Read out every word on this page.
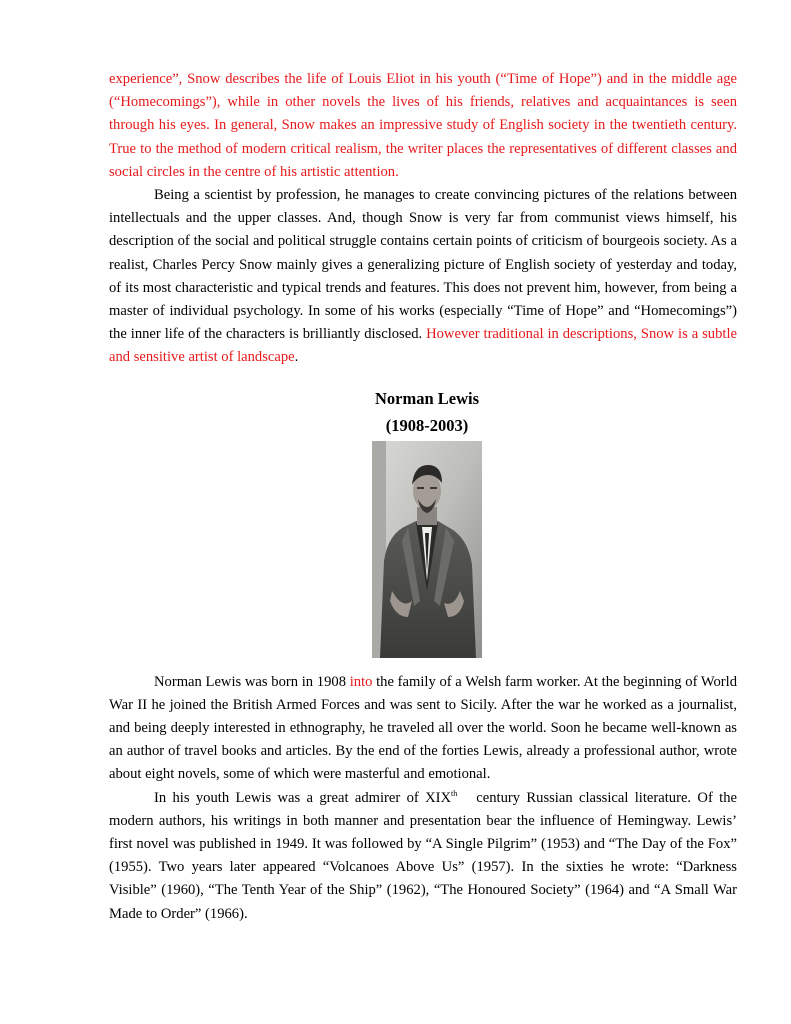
experience”, Snow describes the life of Louis Eliot in his youth (“Time of Hope”) and in the middle age (“Homecomings”), while in other novels the lives of his friends, relatives and acquaintances is seen through his eyes. In general, Snow makes an impressive study of English society in the twentieth century. True to the method of modern critical realism, the writer places the representatives of different classes and social circles in the centre of his artistic attention.

Being a scientist by profession, he manages to create convincing pictures of the relations between intellectuals and the upper classes. And, though Snow is very far from communist views himself, his description of the social and political struggle contains certain points of criticism of bourgeois society. As a realist, Charles Percy Snow mainly gives a generalizing picture of English society of yesterday and today, of its most characteristic and typical trends and features. This does not prevent him, however, from being a master of individual psychology. In some of his works (especially “Time of Hope” and “Homecomings”) the inner life of the characters is brilliantly disclosed. However traditional in descriptions, Snow is a subtle and sensitive artist of landscape.

Norman Lewis
(1908-2003)

Norman Lewis was born in 1908 into the family of a Welsh farm worker. At the beginning of World War II he joined the British Armed Forces and was sent to Sicily. After the war he worked as a journalist, and being deeply interested in ethnography, he traveled all over the world. Soon he became well-known as an author of travel books and articles. By the end of the forties Lewis, already a professional author, wrote about eight novels, some of which were masterful and emotional.

In his youth Lewis was a great admirer of XIXth   century Russian classical literature. Of the modern authors, his writings in both manner and presentation bear the influence of Hemingway. Lewis’ first novel was published in 1949. It was followed by “A Single Pilgrim” (1953) and “The Day of the Fox” (1955). Two years later appeared “Volcanoes Above Us” (1957). In the sixties he wrote: “Darkness Visible” (1960), “The Tenth Year of the Ship” (1962), “The Honoured Society” (1964) and “A Small War Made to Order” (1966).
